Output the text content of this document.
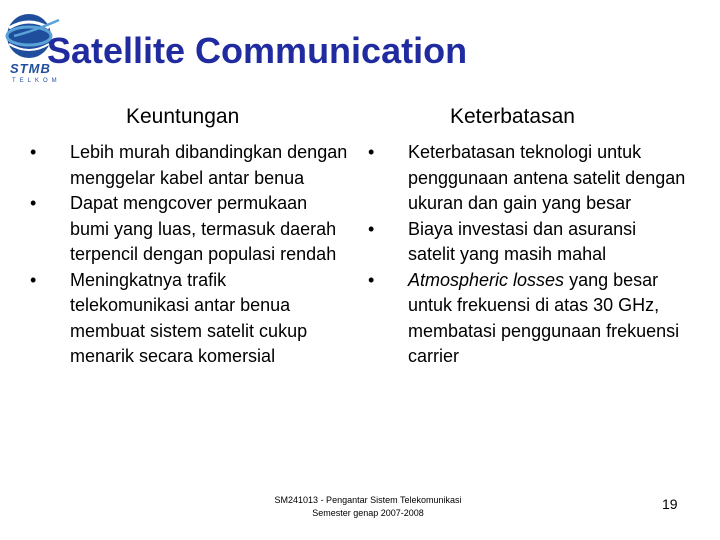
STMB
TELKOM
Satellite Communication
Keuntungan	Keterbatasan
•	Lebih murah dibandingkan dengan menggelar kabel antar benua
•	Dapat mengcover permukaan bumi yang luas, termasuk daerah terpencil dengan populasi rendah
•	Meningkatnya trafik telekomunikasi antar benua membuat sistem satelit cukup menarik secara komersial
•	Keterbatasan teknologi untuk penggunaan antena satelit dengan ukuran dan gain yang besar
•	Biaya investasi dan asuransi satelit yang masih mahal
•	Atmospheric losses yang besar untuk frekuensi di atas 30 GHz, membatasi penggunaan frekuensi carrier
SM241013 - Pengantar Sistem Telekomunikasi
Semester genap 2007-2008
19
